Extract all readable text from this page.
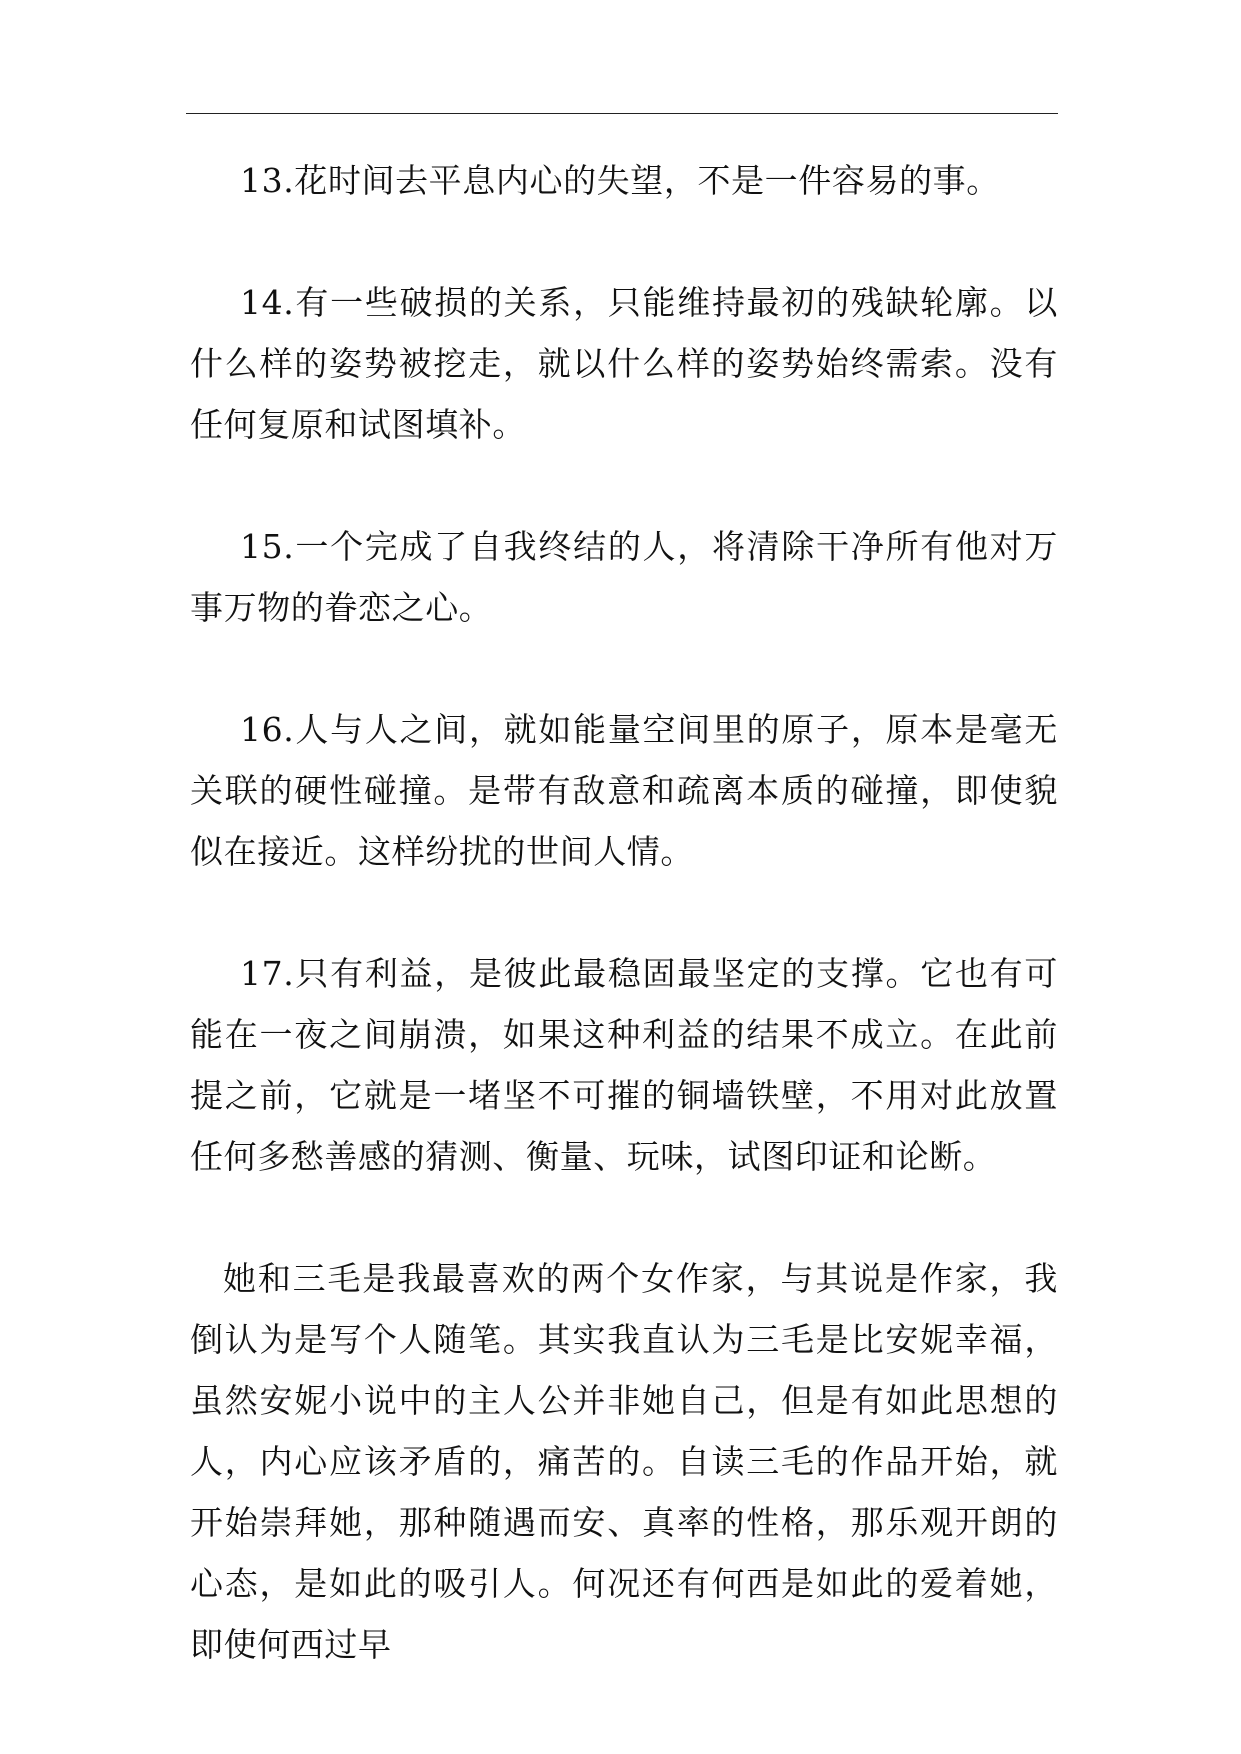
13.花时间去平息内心的失望，不是一件容易的事。

14.有一些破损的关系，只能维持最初的残缺轮廓。以什么样的姿势被挖走，就以什么样的姿势始终需索。没有任何复原和试图填补。

15.一个完成了自我终结的人，将清除干净所有他对万事万物的眷恋之心。

16.人与人之间，就如能量空间里的原子，原本是毫无关联的硬性碰撞。是带有敌意和疏离本质的碰撞，即使貌似在接近。这样纷扰的世间人情。

17.只有利益，是彼此最稳固最坚定的支撑。它也有可能在一夜之间崩溃，如果这种利益的结果不成立。在此前提之前，它就是一堵坚不可摧的铜墙铁壁，不用对此放置任何多愁善感的猜测、衡量、玩味，试图印证和论断。

她和三毛是我最喜欢的两个女作家，与其说是作家，我倒认为是写个人随笔。其实我直认为三毛是比安妮幸福，虽然安妮小说中的主人公并非她自己，但是有如此思想的人，内心应该矛盾的，痛苦的。自读三毛的作品开始，就开始崇拜她，那种随遇而安、真率的性格，那乐观开朗的心态，是如此的吸引人。何况还有何西是如此的爱着她，即使何西过早
